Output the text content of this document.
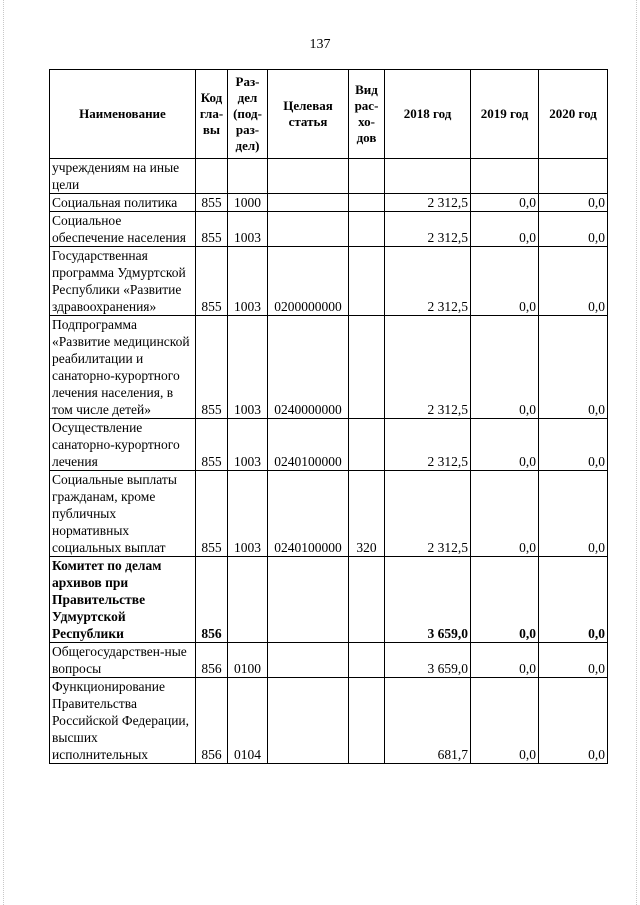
137
Наименование	Код гла-вы	Раз-дел (под-раз-дел)	Целевая статья	Вид рас-хо-дов	2018 год	2019 год	2020 год
учреждениям на иные цели							
Социальная политика	855	1000			2 312,5	0,0	0,0
Социальное обеспечение населения	855	1003			2 312,5	0,0	0,0
Государственная программа Удмуртской Республики «Развитие здравоохранения»	855	1003	0200000000		2 312,5	0,0	0,0
Подпрограмма «Развитие медицинской реабилитации и санаторно-курортного лечения населения, в том числе детей»	855	1003	0240000000		2 312,5	0,0	0,0
Осуществление санаторно-курортного лечения	855	1003	0240100000		2 312,5	0,0	0,0
Социальные выплаты гражданам, кроме публичных нормативных социальных выплат	855	1003	0240100000	320	2 312,5	0,0	0,0
Комитет по делам архивов при Правительстве Удмуртской Республики	856				3 659,0	0,0	0,0
Общегосударствен-ные вопросы	856	0100			3 659,0	0,0	0,0
Функционирование Правительства Российской Федерации, высших исполнительных	856	0104			681,7	0,0	0,0
